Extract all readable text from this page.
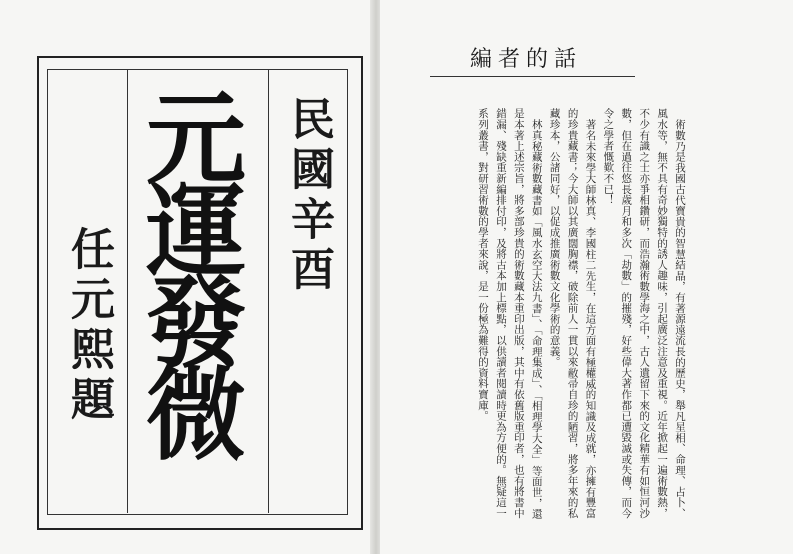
元運發微 民國辛酉
任元熙題
編者的話

術數乃是我國古代寶貴的智慧結晶，有著源遠流長的歷史，舉凡星相、命理、占卜、風水等，無不具有奇妙獨特的誘人趣味，引起廣泛注意及重視。近年掀起一遍術數熱，不少有識之士亦爭相鑽研，而浩瀚術數學海之中，古人遺留下來的文化精華有如恒河沙數，但在過往悠長歲月和多次「劫數」的摧殘，好些偉大著作都已遭毀滅或失傳，而今令之學者慨歎不已！

著名未來學大師林真、李國柱二先生，在這方面有極權威的知識及成就，亦擁有豐富的珍貴藏書；今大師以其廣闊胸襟，破除前人一貫以來敝帚自珍的陋習，將多年來的私藏珍本，公諸同好，以促成推廣術數文化學術的意義。

林真秘藏術數藏書如「風水玄空大法九書」、「命理集成」、「相理學大全」等面世，還是本著上述宗旨，將多部珍貴的術數藏本重印出版，其中有依舊版重印者，也有將書中錯漏、殘缺重新編排付印，及將古本加上標點，以供讀者閱讀時更為方便的。無疑這一系列叢書，對研習術數的學者來說，是一份極為難得的資料寶庫。
